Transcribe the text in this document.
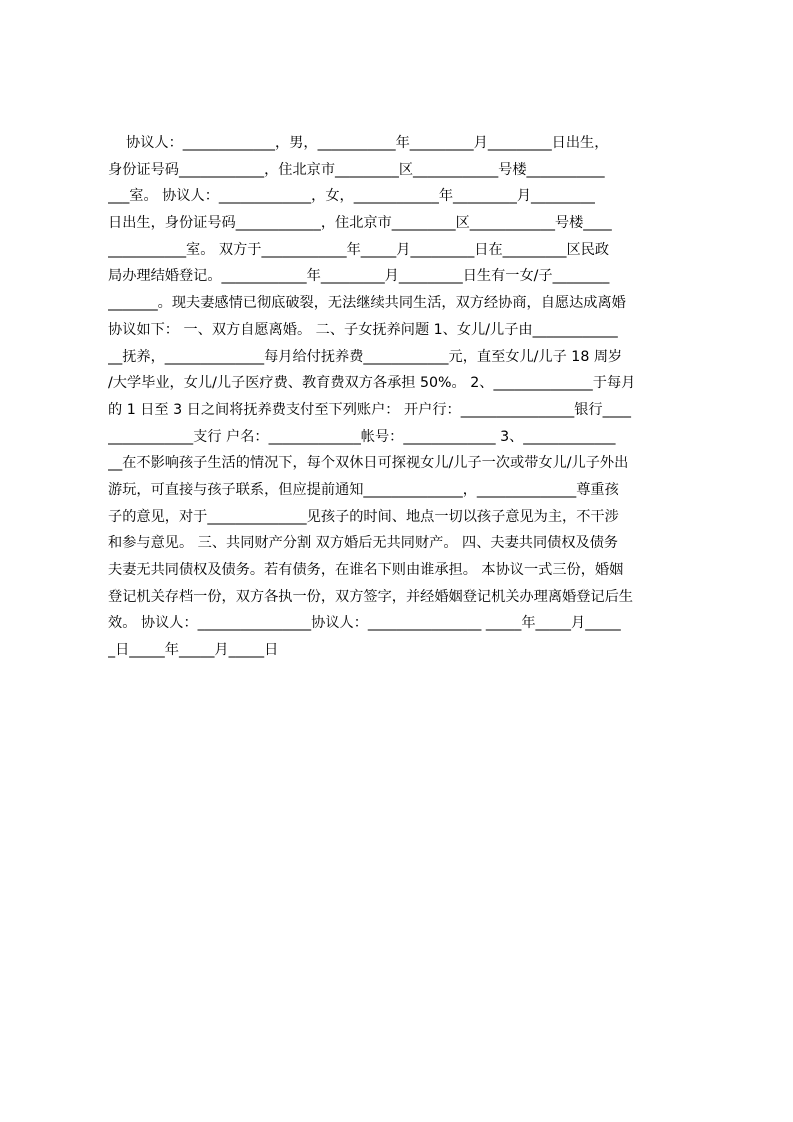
协议人：_____________，男，___________年_________月_________日出生，
身份证号码____________，住北京市_________区____________号楼___________
___室。 协议人：_____________，女，____________年_________月_________
日出生，身份证号码____________，住北京市_________区____________号楼____
___________室。 双方于____________年_____月_________日在_________区民政
局办理结婚登记。____________年_________月_________日生有一女/子________
_______。现夫妻感情已彻底破裂，无法继续共同生活，双方经协商，自愿达成离婚
协议如下： 一、双方自愿离婚。 二、子女抚养问题 1、女儿/儿子由____________
__抚养，______________每月给付抚养费____________元，直至女儿/儿子 18 周岁
/大学毕业，女儿/儿子医疗费、教育费双方各承担 50%。 2、______________于每月
的 1 日至 3 日之间将抚养费支付至下列账户： 开户行：________________银行____
____________支行 户名：_____________帐号：_____________ 3、_____________
__在不影响孩子生活的情况下，每个双休日可探视女儿/儿子一次或带女儿/儿子外出
游玩，可直接与孩子联系，但应提前通知______________，______________尊重孩
子的意见，对于______________见孩子的时间、地点一切以孩子意见为主，不干涉
和参与意见。 三、共同财产分割 双方婚后无共同财产。 四、夫妻共同债权及债务
夫妻无共同债权及债务。若有债务，在谁名下则由谁承担。 本协议一式三份，婚姻
登记机关存档一份，双方各执一份，双方签字，并经婚姻登记机关办理离婚登记后生
效。 协议人：________________协议人：________________ _____年_____月_____
_日_____年_____月_____日
